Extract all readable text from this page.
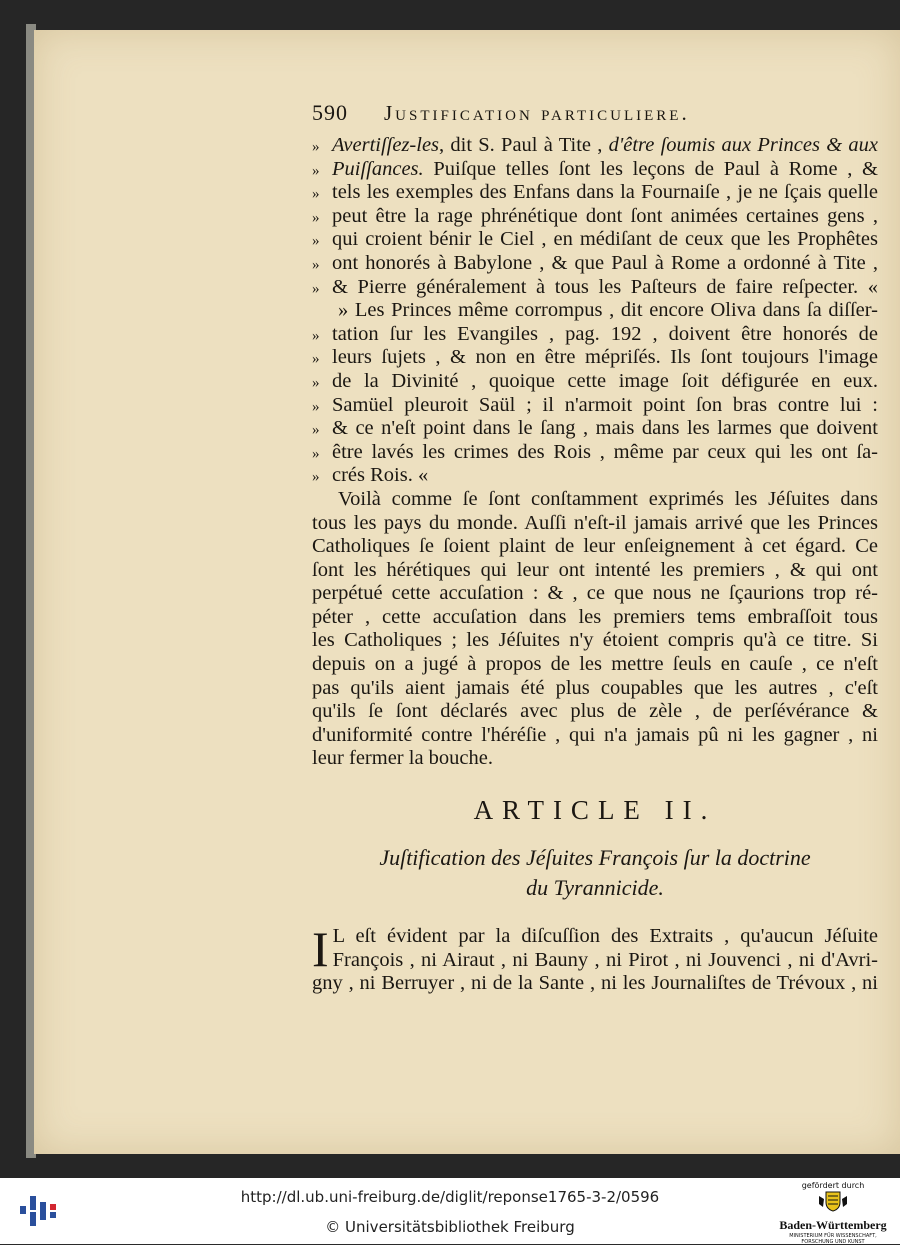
590 Justification particuliere.
» Avertiſſez-les, dit S. Paul à Tite , d'être ſoumis aux Princes & aux
» Puiſſances. Puiſque telles ſont les leçons de Paul à Rome , &
» tels les exemples des Enfans dans la Fournaiſe , je ne ſçais quelle
» peut être la rage phrénétique dont ſont animées certaines gens ,
» qui croient bénir le Ciel , en médiſant de ceux que les Prophêtes
» ont honorés à Babylone , & que Paul à Rome a ordonné à Tite ,
» & Pierre généralement à tous les Paſteurs de faire reſpecter. «
» Les Princes même corrompus , dit encore Oliva dans ſa diſſer-
» tation ſur les Evangiles , pag. 192 , doivent être honorés de
» leurs ſujets , & non en être mépriſés. Ils ſont toujours l'image
» de la Divinité , quoique cette image ſoit défigurée en eux.
» Samüel pleuroit Saül ; il n'armoit point ſon bras contre lui :
» & ce n'eſt point dans le ſang , mais dans les larmes que doivent
» être lavés les crimes des Rois , même par ceux qui les ont ſa-
» crés Rois. «
Voilà comme ſe ſont conſtamment exprimés les Jéſuites dans
tous les pays du monde. Auſſi n'eſt-il jamais arrivé que les Princes
Catholiques ſe ſoient plaint de leur enſeignement à cet égard. Ce
ſont les hérétiques qui leur ont intenté les premiers , & qui ont
perpétué cette accuſation : & , ce que nous ne ſçaurions trop ré-
péter , cette accuſation dans les premiers tems embraſſoit tous
les Catholiques ; les Jéſuites n'y étoient compris qu'à ce titre. Si
depuis on a jugé à propos de les mettre ſeuls en cauſe , ce n'eſt
pas qu'ils aient jamais été plus coupables que les autres , c'eſt
qu'ils ſe ſont déclarés avec plus de zèle , de perſévérance &
d'uniformité contre l'héréſie , qui n'a jamais pû ni les gagner , ni
leur fermer la bouche.
ARTICLE II.
Juſtification des Jéſuites François ſur la doctrine
du Tyrannicide.
I L eſt évident par la diſcuſſion des Extraits , qu'aucun Jéſuite
François , ni Airaut , ni Bauny , ni Pirot , ni Jouvenci , ni d'Avri-
gny , ni Berruyer , ni de la Sante , ni les Journaliſtes de Trévoux , ni
http://dl.ub.uni-freiburg.de/diglit/reponse1765-3-2/0596
© Universitätsbibliothek Freiburg
gefördert durch
Baden-Württemberg
MINISTERIUM FÜR WISSENSCHAFT, FORSCHUNG UND KUNST
